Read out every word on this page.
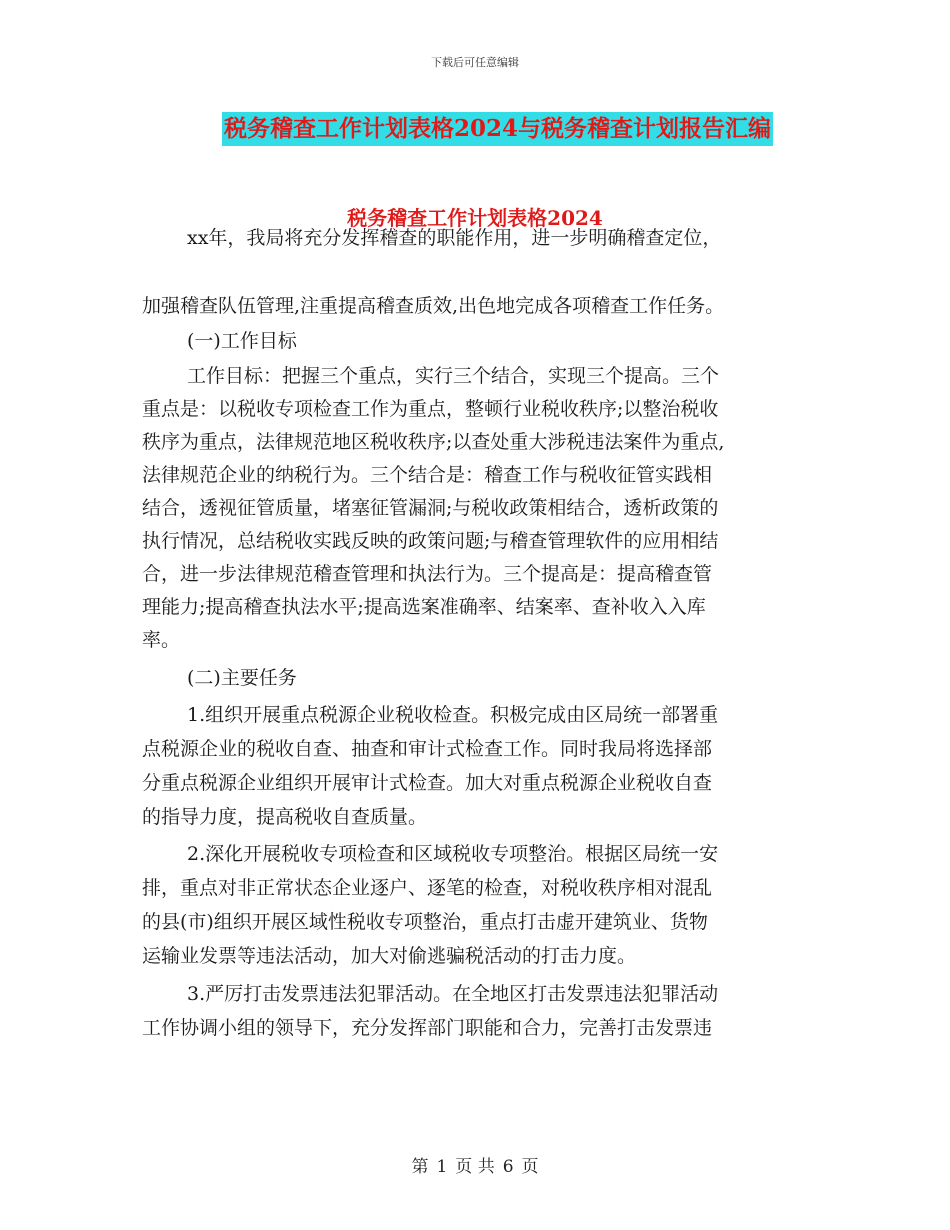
下载后可任意编辑
税务稽查工作计划表格2024与税务稽查计划报告汇编
税务稽查工作计划表格2024
xx年，我局将充分发挥稽查的职能作用，进一步明确稽查定位，
加强稽查队伍管理,注重提高稽查质效,出色地完成各项稽查工作任务。
(一)工作目标
工作目标：把握三个重点，实行三个结合，实现三个提高。三个
重点是：以税收专项检查工作为重点，整顿行业税收秩序;以整治税收
秩序为重点，法律规范地区税收秩序;以查处重大涉税违法案件为重点,
法律规范企业的纳税行为。三个结合是：稽查工作与税收征管实践相
结合，透视征管质量，堵塞征管漏洞;与税收政策相结合，透析政策的
执行情况，总结税收实践反映的政策问题;与稽查管理软件的应用相结
合，进一步法律规范稽查管理和执法行为。三个提高是：提高稽查管
理能力;提高稽查执法水平;提高选案准确率、结案率、查补收入入库
率。
(二)主要任务
1.组织开展重点税源企业税收检查。积极完成由区局统一部署重
点税源企业的税收自查、抽查和审计式检查工作。同时我局将选择部
分重点税源企业组织开展审计式检查。加大对重点税源企业税收自查
的指导力度，提高税收自查质量。
2.深化开展税收专项检查和区域税收专项整治。根据区局统一安
排，重点对非正常状态企业逐户、逐笔的检查，对税收秩序相对混乱
的县(市)组织开展区域性税收专项整治，重点打击虚开建筑业、货物
运输业发票等违法活动，加大对偷逃骗税活动的打击力度。
3.严厉打击发票违法犯罪活动。在全地区打击发票违法犯罪活动
工作协调小组的领导下，充分发挥部门职能和合力，完善打击发票违
第 1 页 共 6 页
